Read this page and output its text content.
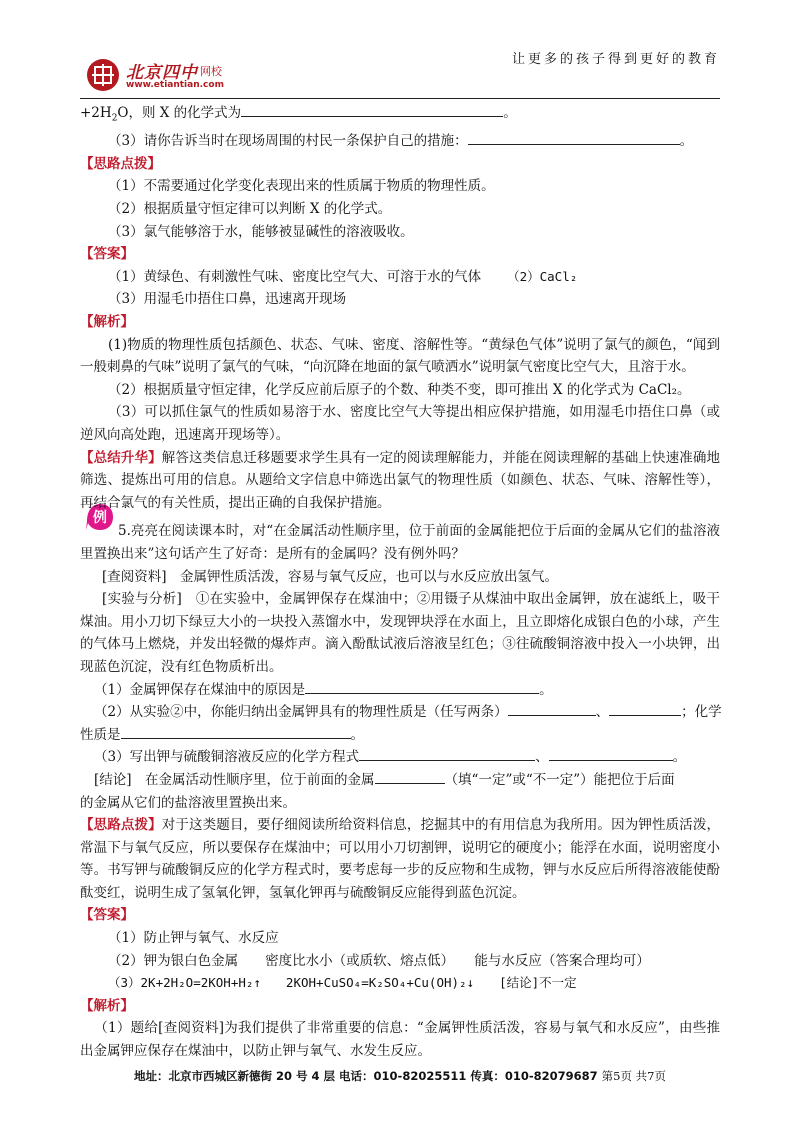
北京四中 网校
www.etiantian.com
让更多的孩子得到更好的教育
例
$+2H_2O$，则 X 的化学式为	。
（3）请你告诉当时在现场周围的村民一条保护自己的措施：	。
【思路点拨】
（1）不需要通过化学变化表现出来的性质属于物质的物理性质。
（2）根据质量守恒定律可以判断 X 的化学式。
（3）氯气能够溶于水，能够被显碱性的溶液吸收。
【答案】
（1）黄绿色、有刺激性气味、密度比空气大、可溶于水的气体 （2）CaCl₂
（3）用湿毛巾捂住口鼻，迅速离开现场
【解析】
(1)物质的物理性质包括颜色、状态、气味、密度、溶解性等。“黄绿色气体”说明了氯气的颜色，“闻到一般刺鼻的气味”说明了氯气的气味，“向沉降在地面的氯气喷洒水”说明氯气密度比空气大，且溶于水。
（2）根据质量守恒定律，化学反应前后原子的个数、种类不变，即可推出 X 的化学式为 CaCl₂。
（3）可以抓住氯气的性质如易溶于水、密度比空气大等提出相应保护措施，如用湿毛巾捂住口鼻（或逆风向高处跑，迅速离开现场等）。
【总结升华】解答这类信息迁移题要求学生具有一定的阅读理解能力，并能在阅读理解的基础上快速准确地筛选、提炼出可用的信息。从题给文字信息中筛选出氯气的物理性质（如颜色、状态、气味、溶解性等），再结合氯气的有关性质，提出正确的自我保护措施。
5.亮亮在阅读课本时，对“在金属活动性顺序里，位于前面的金属能把位于后面的金属从它们的盐溶液里置换出来”这句话产生了好奇：是所有的金属吗？没有例外吗？
[查阅资料]　金属钾性质活泼，容易与氧气反应，也可以与水反应放出氢气。
[实验与分析]　①在实验中，金属钾保存在煤油中；②用镊子从煤油中取出金属钾，放在滤纸上，吸干煤油。用小刀切下绿豆大小的一块投入蒸馏水中，发现钾块浮在水面上，且立即熔化成银白色的小球，产生的气体马上燃烧，并发出轻微的爆炸声。滴入酚酞试液后溶液呈红色；③往硫酸铜溶液中投入一小块钾，出现蓝色沉淀，没有红色物质析出。
（1）金属钾保存在煤油中的原因是	。
（2）从实验②中，你能归纳出金属钾具有的物理性质是（任写两条）	、	；化学
性质是	。
（3）写出钾与硫酸铜溶液反应的化学方程式	、	。
[结论]　在金属活动性顺序里，位于前面的金属	（填“一定”或“不一定”）能把位于后面
的金属从它们的盐溶液里置换出来。
【思路点拨】对于这类题目，要仔细阅读所给资料信息，挖掘其中的有用信息为我所用。因为钾性质活泼，常温下与氧气反应，所以要保存在煤油中；可以用小刀切割钾，说明它的硬度小；能浮在水面，说明密度小等。书写钾与硫酸铜反应的化学方程式时，要考虑每一步的反应物和生成物，钾与水反应后所得溶液能使酚酞变红，说明生成了氢氧化钾，氢氧化钾再与硫酸铜反应能得到蓝色沉淀。
【答案】
（1）防止钾与氧气、水反应
（2）钾为银白色金属　　密度比水小（或质软、熔点低）　　能与水反应（答案合理均可）
（3）2K+2H₂O=2KOH+H₂↑　　2KOH+CuSO₄=K₂SO₄+Cu(OH)₂↓　　[结论]不一定
【解析】
（1）题给[查阅资料]为我们提供了非常重要的信息：“金属钾性质活泼，容易与氧气和水反应”，由些推出金属钾应保存在煤油中，以防止钾与氧气、水发生反应。
地址：北京市西城区新德街 20 号 4 层 电话：010-82025511 传真：010-82079687 第5页 共7页
